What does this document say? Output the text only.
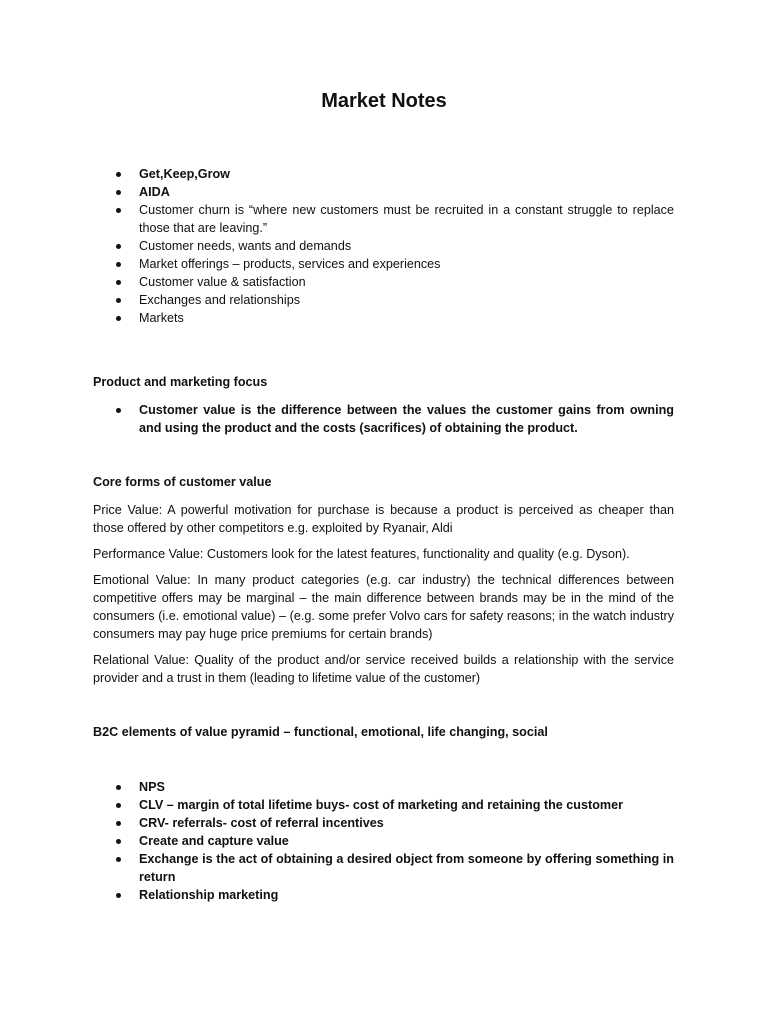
Market Notes
Get,Keep,Grow
AIDA
Customer churn is “where new customers must be recruited in a constant struggle to replace those that are leaving.”
Customer needs, wants and demands
Market offerings – products, services and experiences
Customer value & satisfaction
Exchanges and relationships
Markets

Product and marketing focus

Customer value is the difference between the values the customer gains from owning and using the product and the costs (sacrifices) of obtaining the product.

Core forms of customer value

Price Value: A powerful motivation for purchase is because a product is perceived as cheaper than those offered by other competitors e.g. exploited by Ryanair, Aldi

Performance Value: Customers look for the latest features, functionality and quality (e.g. Dyson).

Emotional Value: In many product categories (e.g. car industry) the technical differences between competitive offers may be marginal – the main difference between brands may be in the mind of the consumers (i.e. emotional value) – (e.g. some prefer Volvo cars for safety reasons; in the watch industry consumers may pay huge price premiums for certain brands)

Relational Value: Quality of the product and/or service received builds a relationship with the service provider and a trust in them (leading to lifetime value of the customer)

B2C elements of value pyramid – functional, emotional, life changing, social

NPS
CLV – margin of total lifetime buys- cost of marketing and retaining the customer
CRV- referrals- cost of referral incentives
Create and capture value
Exchange is the act of obtaining a desired object from someone by offering something in return
Relationship marketing
